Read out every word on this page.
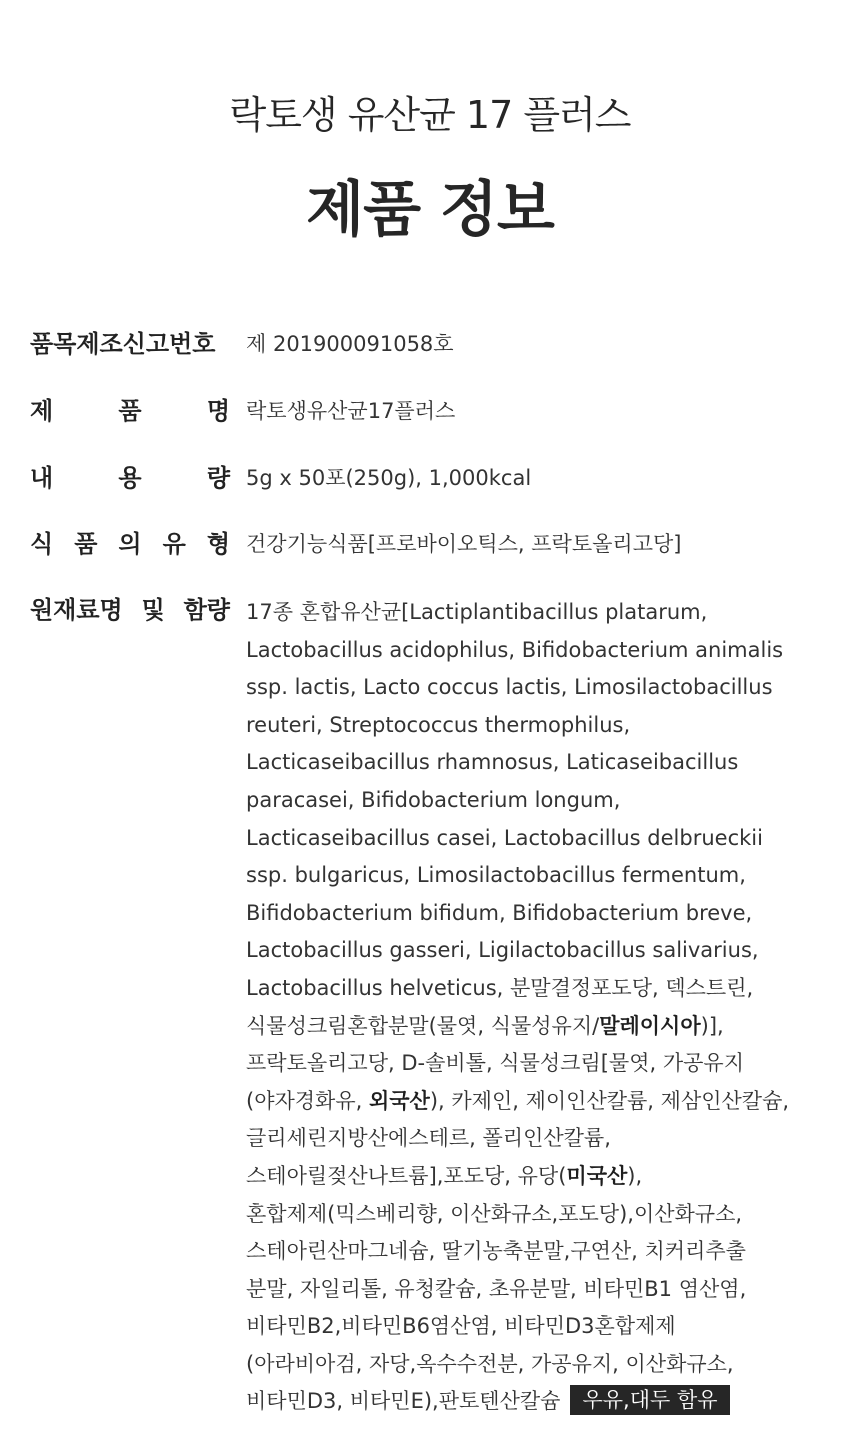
락토생 유산균 17 플러스
제품 정보
품목제조신고번호 제 201900091058호
제	품	명 락토생유산균17플러스
내	용	량 5g x 50포(250g), 1,000kcal
식 품 의 유 형 건강기능식품[프로바이오틱스, 프락토올리고당]
원재료명 및 함량 17종 혼합유산균[Lactiplantibacillus platarum,
Lactobacillus acidophilus, Bifidobacterium animalis
ssp. lactis, Lacto coccus lactis, Limosilactobacillus
reuteri, Streptococcus thermophilus,
Lacticaseibacillus rhamnosus, Laticaseibacillus
paracasei, Bifidobacterium longum,
Lacticaseibacillus casei, Lactobacillus delbrueckii
ssp. bulgaricus, Limosilactobacillus fermentum,
Bifidobacterium bifidum, Bifidobacterium breve,
Lactobacillus gasseri, Ligilactobacillus salivarius,
Lactobacillus helveticus, 분말결정포도당, 덱스트린,
식물성크림혼합분말(물엿, 식물성유지/말레이시아)],
프락토올리고당, D-솔비톨, 식물성크림[물엿, 가공유지
(야자경화유, 외국산), 카제인, 제이인산칼륨, 제삼인산칼슘,
글리세린지방산에스테르, 폴리인산칼륨,
스테아릴젖산나트륨],포도당, 유당(미국산),
혼합제제(믹스베리향, 이산화규소,포도당),이산화규소,
스테아린산마그네슘, 딸기농축분말,구연산, 치커리추출
분말, 자일리톨, 유청칼슘, 초유분말, 비타민B1 염산염,
비타민B2,비타민B6염산염, 비타민D3혼합제제
(아라비아검, 자당,옥수수전분, 가공유지, 이산화규소,
비타민D3, 비타민E),판토텐산칼슘 우유,대두 함유
